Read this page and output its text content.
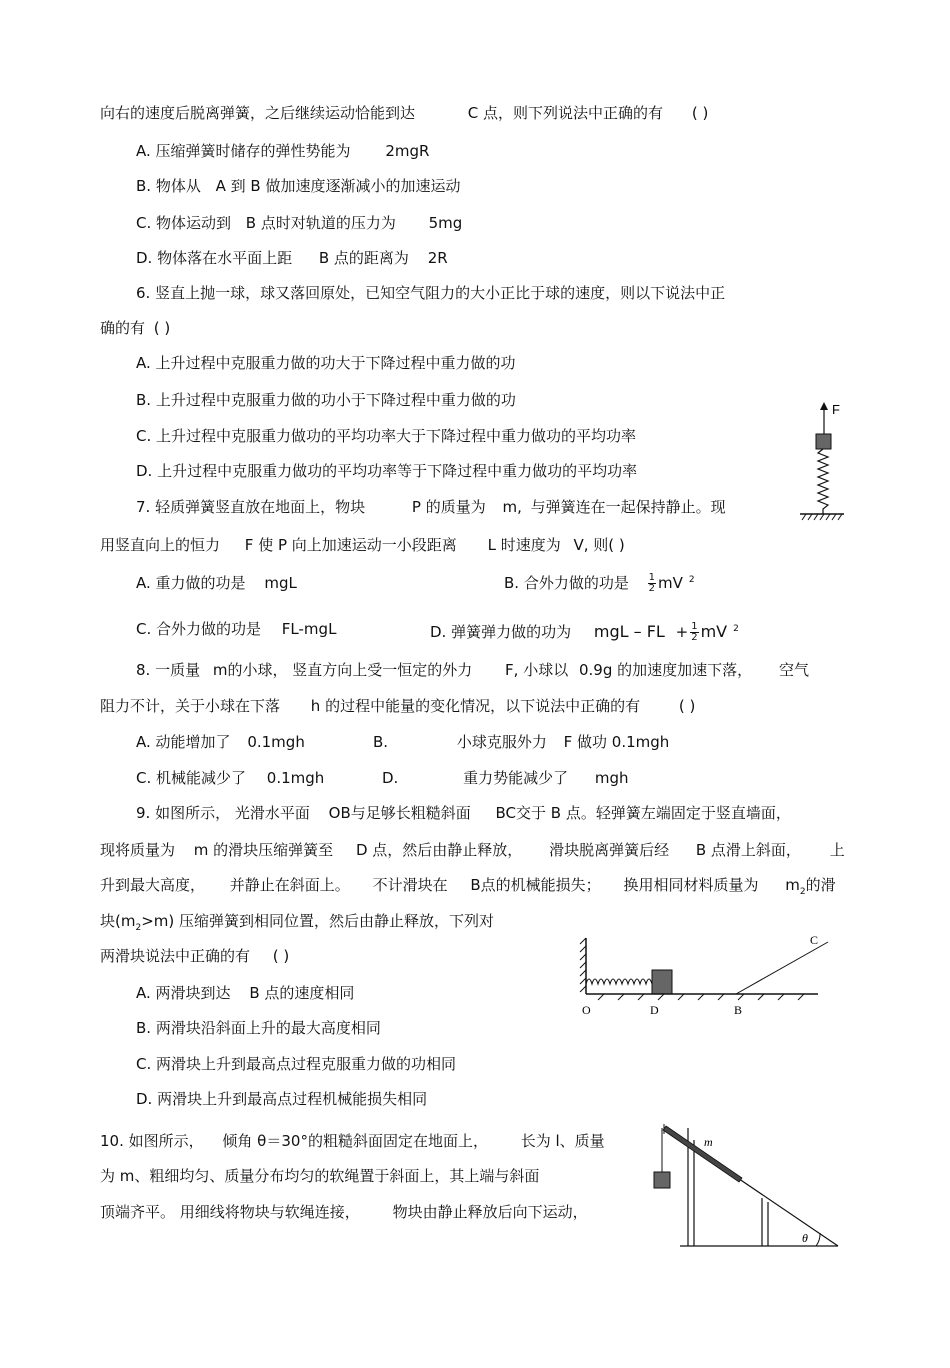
向右的速度后脱离弹簧，之后继续运动恰能到达	C 点，则下列说法中正确的有 ( )
A. 压缩弹簧时储存的弹性势能为 2mgR
B. 物体从 A 到 B 做加速度逐渐减小的加速运动
C. 物体运动到 B 点时对轨道的压力为 5mg
D. 物体落在水平面上距 B 点的距离为 2R
6. 竖直上抛一球，球又落回原处，已知空气阻力的大小正比于球的速度，则以下说法中正
确的有 ( )
A. 上升过程中克服重力做的功大于下降过程中重力做的功
B. 上升过程中克服重力做的功小于下降过程中重力做的功
C. 上升过程中克服重力做功的平均功率大于下降过程中重力做功的平均功率
D. 上升过程中克服重力做功的平均功率等于下降过程中重力做功的平均功率
F
7. 轻质弹簧竖直放在地面上，物块	P 的质量为 m, 与弹簧连在一起保持静止。现
用竖直向上的恒力 F 使 P 向上加速运动一小段距离 L 时速度为 V, 则( )
A. 重力做的功是 mgL	B. 合外力做的功是 $\frac{1}{2}$ mV $^2$
C. 合外力做的功是 FL-mgL	D. 弹簧弹力做的功为 mgL – FL + $\frac{1}{2}$ mV $^2$
8. 一质量 m的小球， 竖直方向上受一恒定的外力 F, 小球以 0.9g 的加速度加速下落， 空气
阻力不计，关于小球在下落 h 的过程中能量的变化情况，以下说法中正确的有	( )
A. 动能增加了 0.1mgh	B.	小球克服外力 F 做功 0.1mgh
C. 机械能减少了 0.1mgh	D.	重力势能减少了 mgh
9. 如图所示， 光滑水平面 OB与足够长粗糙斜面 BC交于 B 点。轻弹簧左端固定于竖直墙面，
现将质量为 m 的滑块压缩弹簧至 D 点，然后由静止释放， 滑块脱离弹簧后经 B 点滑上斜面， 上
升到最大高度， 并静止在斜面上。 不计滑块在 B点的机械能损失； 换用相同材料质量为 $m_2$的滑
块$(m_2>m)$ 压缩弹簧到相同位置，然后由静止释放，下列对
两滑块说法中正确的有 ( )
O	D	B
C
A. 两滑块到达 B 点的速度相同
B. 两滑块沿斜面上升的最大高度相同
C. 两滑块上升到最高点过程克服重力做的功相同
D. 两滑块上升到最高点过程机械能损失相同
10. 如图所示， 倾角 θ＝30°的粗糙斜面固定在地面上， 长为 l、质量
为 m、粗细均匀、质量分布均匀的软绳置于斜面上，其上端与斜面
顶端齐平。 用细线将物块与软绳连接， 物块由静止释放后向下运动，
m
θ
